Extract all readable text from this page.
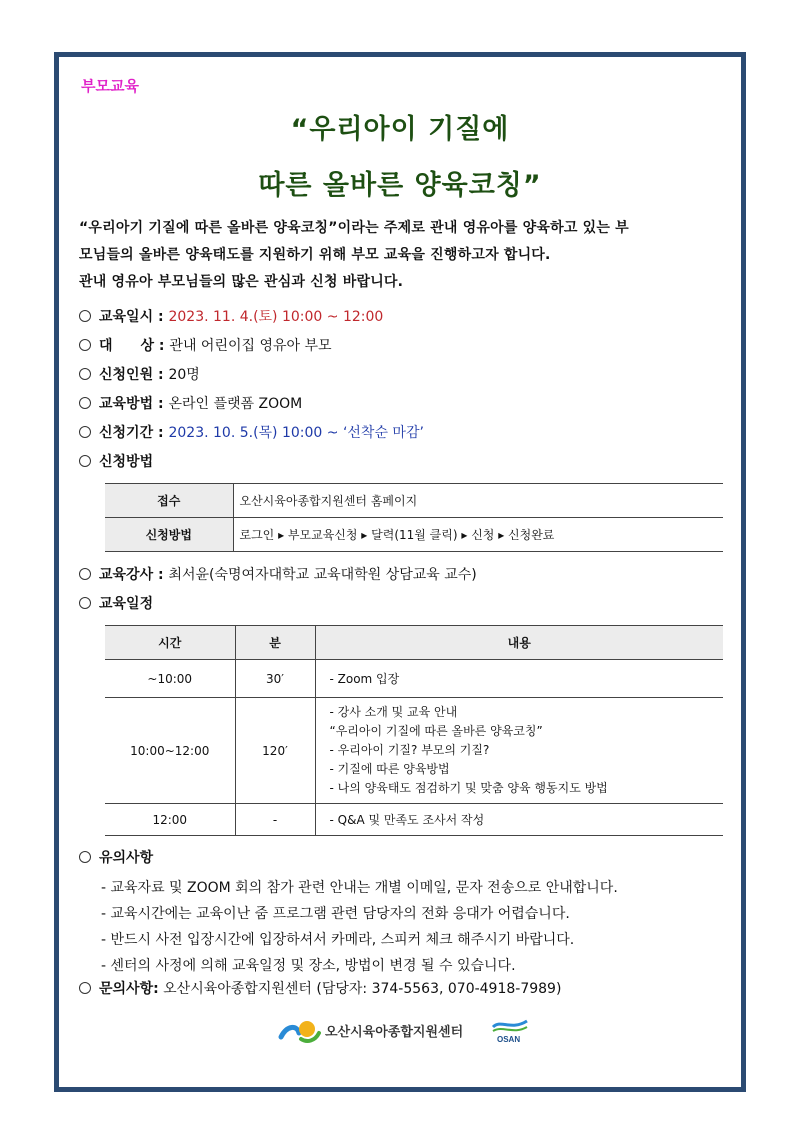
부모교육
“우리아이 기질에
따른 올바른 양육코칭”
“우리아기 기질에 따른 올바른 양육코칭”이라는 주제로 관내 영유아를 양육하고 있는 부
모님들의 올바른 양육태도를 지원하기 위해 부모 교육을 진행하고자 합니다.
관내 영유아 부모님들의 많은 관심과 신청 바랍니다.
교육일시 : 2023. 11. 4.(토) 10:00 ~ 12:00
대　　상 : 관내 어린이집 영유아 부모
신청인원 : 20명
교육방법 : 온라인 플랫폼 ZOOM
신청기간 : 2023. 10. 5.(목) 10:00 ~ ‘선착순 마감’
신청방법
접수	오산시육아종합지원센터 홈페이지
신청방법	로그인 ▸ 부모교육신청 ▸ 달력(11월 클릭) ▸ 신청 ▸ 신청완료
교육강사 : 최서윤(숙명여자대학교 교육대학원 상담교육 교수)
교육일정
시간	분	내용
~10:00	30′	- Zoom 입장
10:00~12:00	120′	- 강사 소개 및 교육 안내
“우리아이 기질에 따른 올바른 양육코칭”
- 우리아이 기질? 부모의 기질?
- 기질에 따른 양육방법
- 나의 양육태도 점검하기 및 맞춤 양육 행동지도 방법

12:00	-	- Q&A 및 만족도 조사서 작성
유의사항
- 교육자료 및 ZOOM 회의 참가 관련 안내는 개별 이메일, 문자 전송으로 안내합니다.
- 교육시간에는 교육이난 줌 프로그램 관련 담당자의 전화 응대가 어렵습니다.
- 반드시 사전 입장시간에 입장하셔서 카메라, 스피커 체크 해주시기 바랍니다.
- 센터의 사정에 의해 교육일정 및 장소, 방법이 변경 될 수 있습니다.
문의사항: 오산시육아종합지원센터 (담당자: 374-5563, 070-4918-7989)
오산시육아종합지원센터	OSAN
